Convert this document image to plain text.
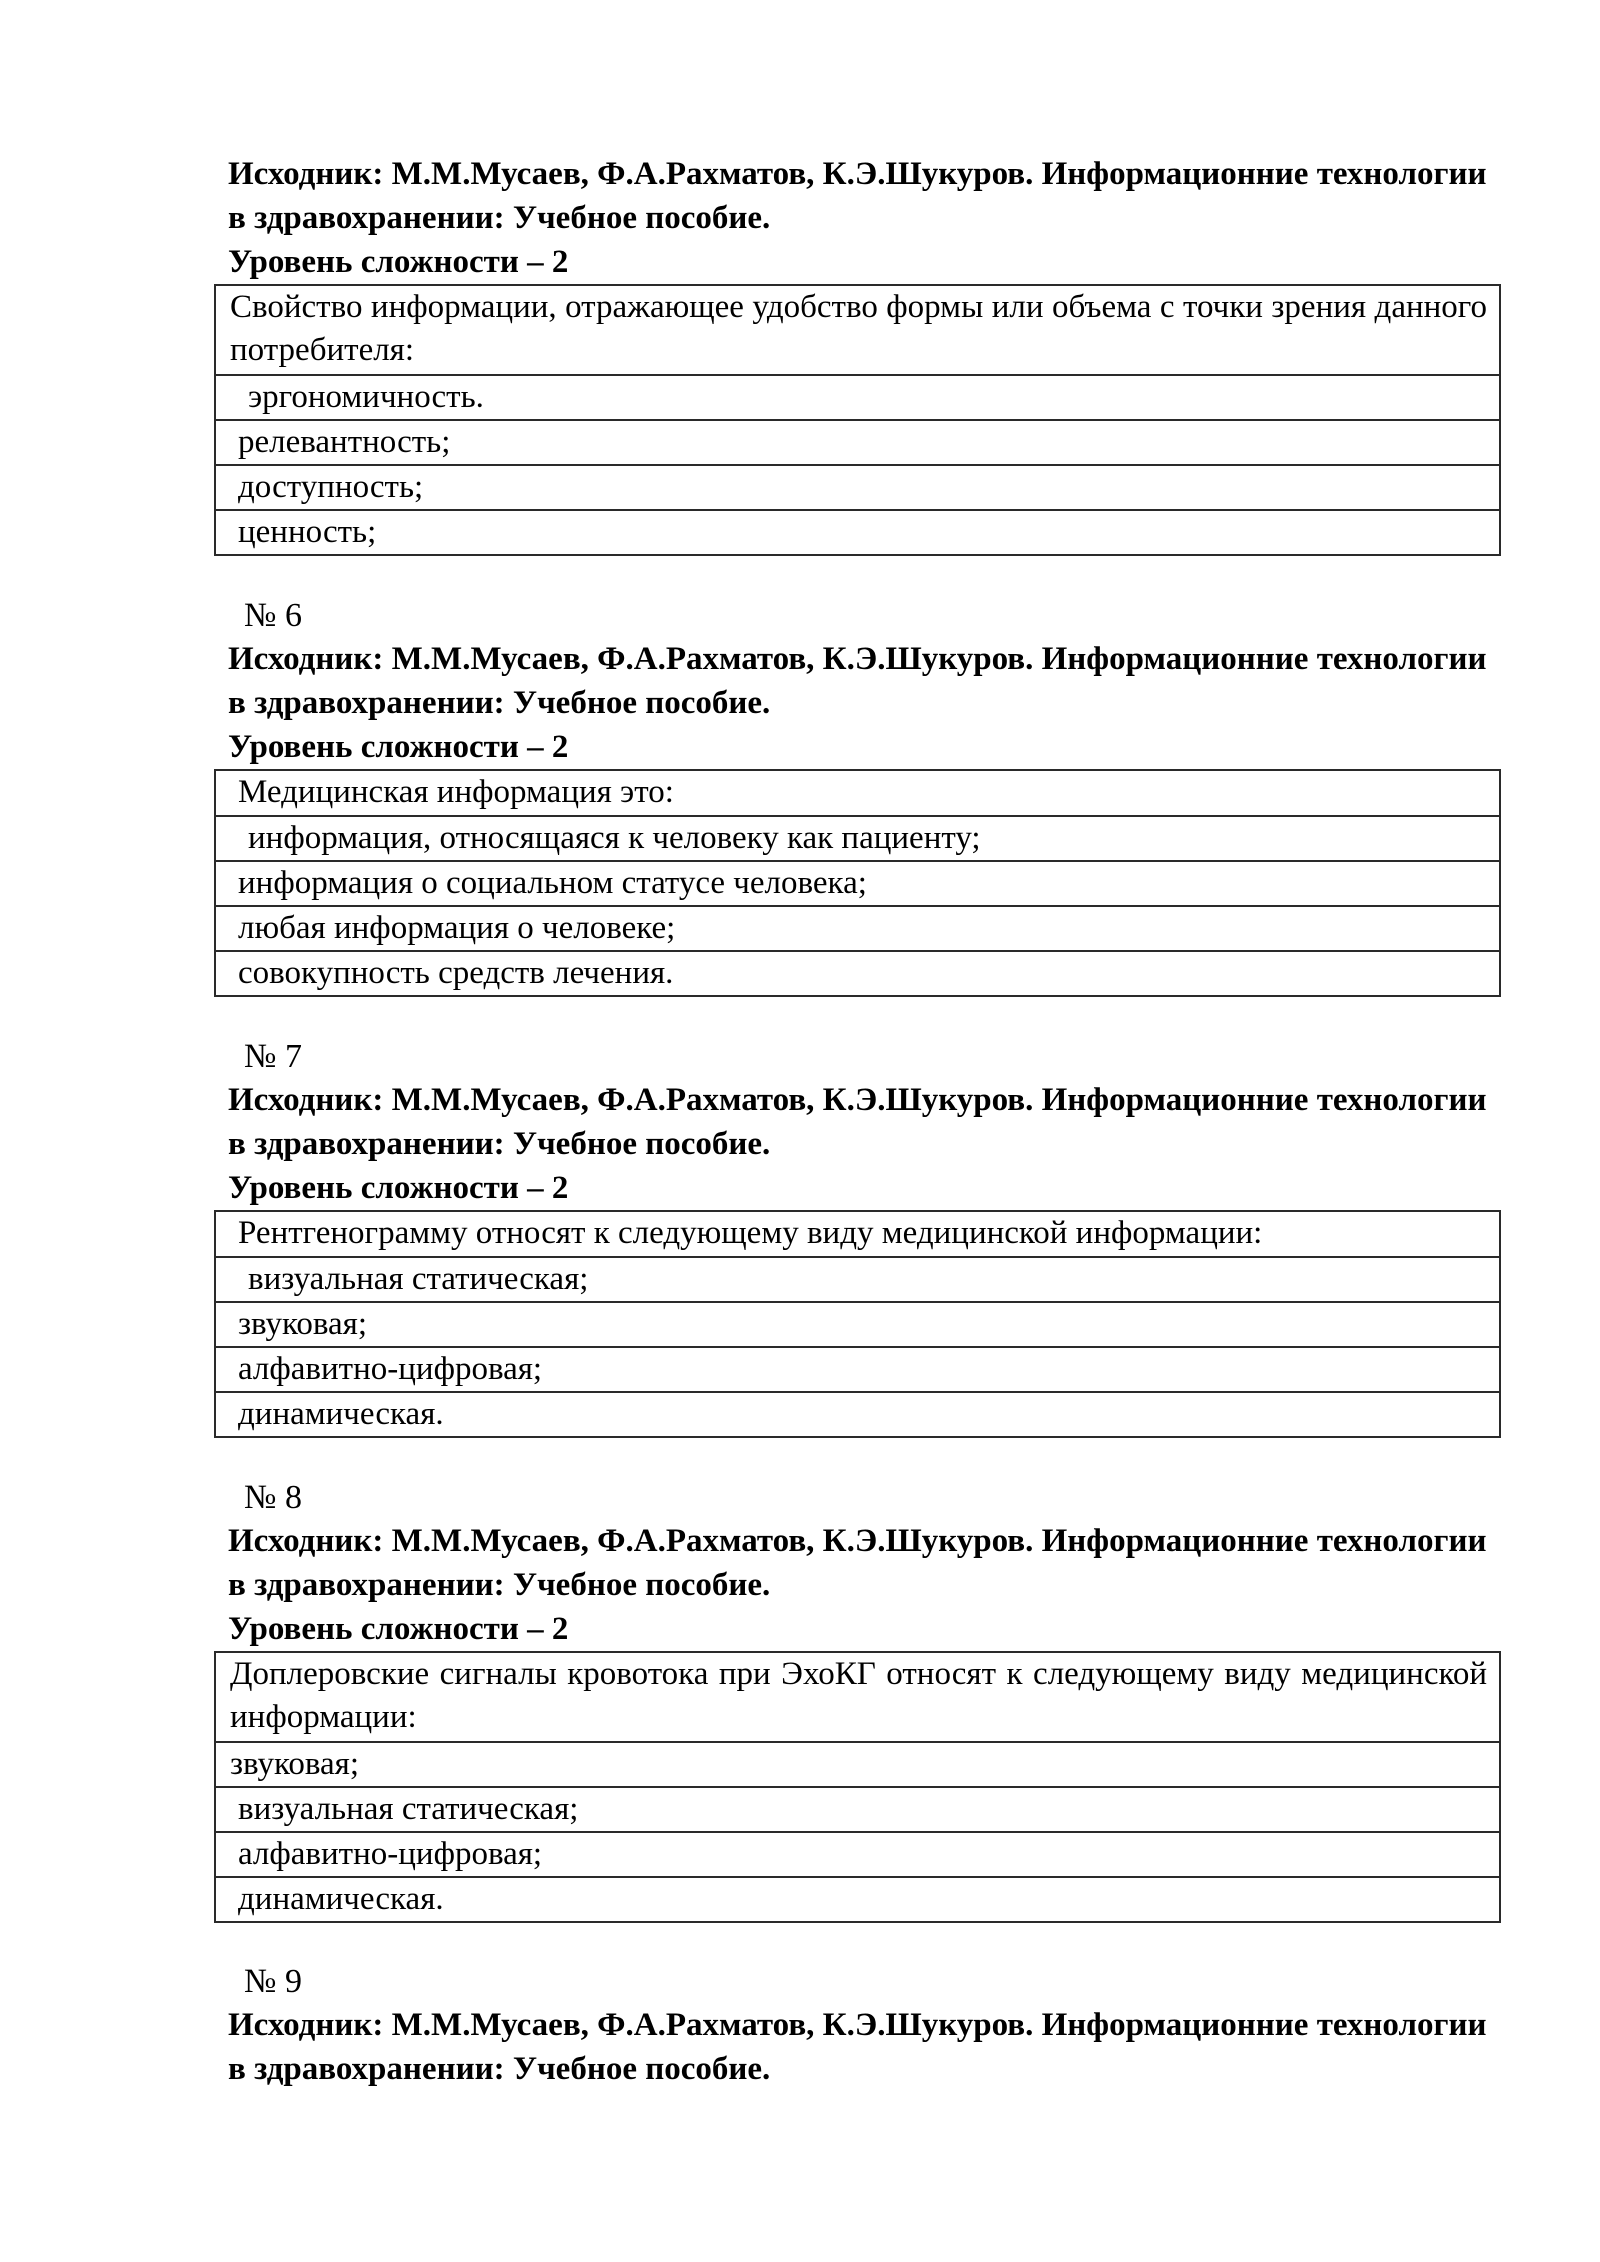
Исходник: М.М.Мусаев, Ф.А.Рахматов, К.Э.Шукуров. Информационние технологии в здравохранении: Учебное пособие.
Уровень сложности – 2
Свойство информации, отражающее удобство формы или объема с точки зрения данного потребителя:
эргономичность.
релевантность;
доступность;
ценность;
№ 6
Исходник: М.М.Мусаев, Ф.А.Рахматов, К.Э.Шукуров. Информационние технологии в здравохранении: Учебное пособие.
Уровень сложности – 2
Медицинская информация это:
информация, относящаяся к человеку как пациенту;
информация о социальном статусе человека;
любая информация о человеке;
совокупность средств лечения.
№ 7
Исходник: М.М.Мусаев, Ф.А.Рахматов, К.Э.Шукуров. Информационние технологии в здравохранении: Учебное пособие.
Уровень сложности – 2
Рентгенограмму относят к следующему виду медицинской информации:
визуальная статическая;
звуковая;
алфавитно-цифровая;
динамическая.
№ 8
Исходник: М.М.Мусаев, Ф.А.Рахматов, К.Э.Шукуров. Информационние технологии в здравохранении: Учебное пособие.
Уровень сложности – 2
Доплеровские сигналы кровотока при ЭхоКГ относят к следующему виду медицинской информации:
звуковая;
визуальная статическая;
алфавитно-цифровая;
динамическая.
№ 9
Исходник: М.М.Мусаев, Ф.А.Рахматов, К.Э.Шукуров. Информационние технологии в здравохранении: Учебное пособие.
